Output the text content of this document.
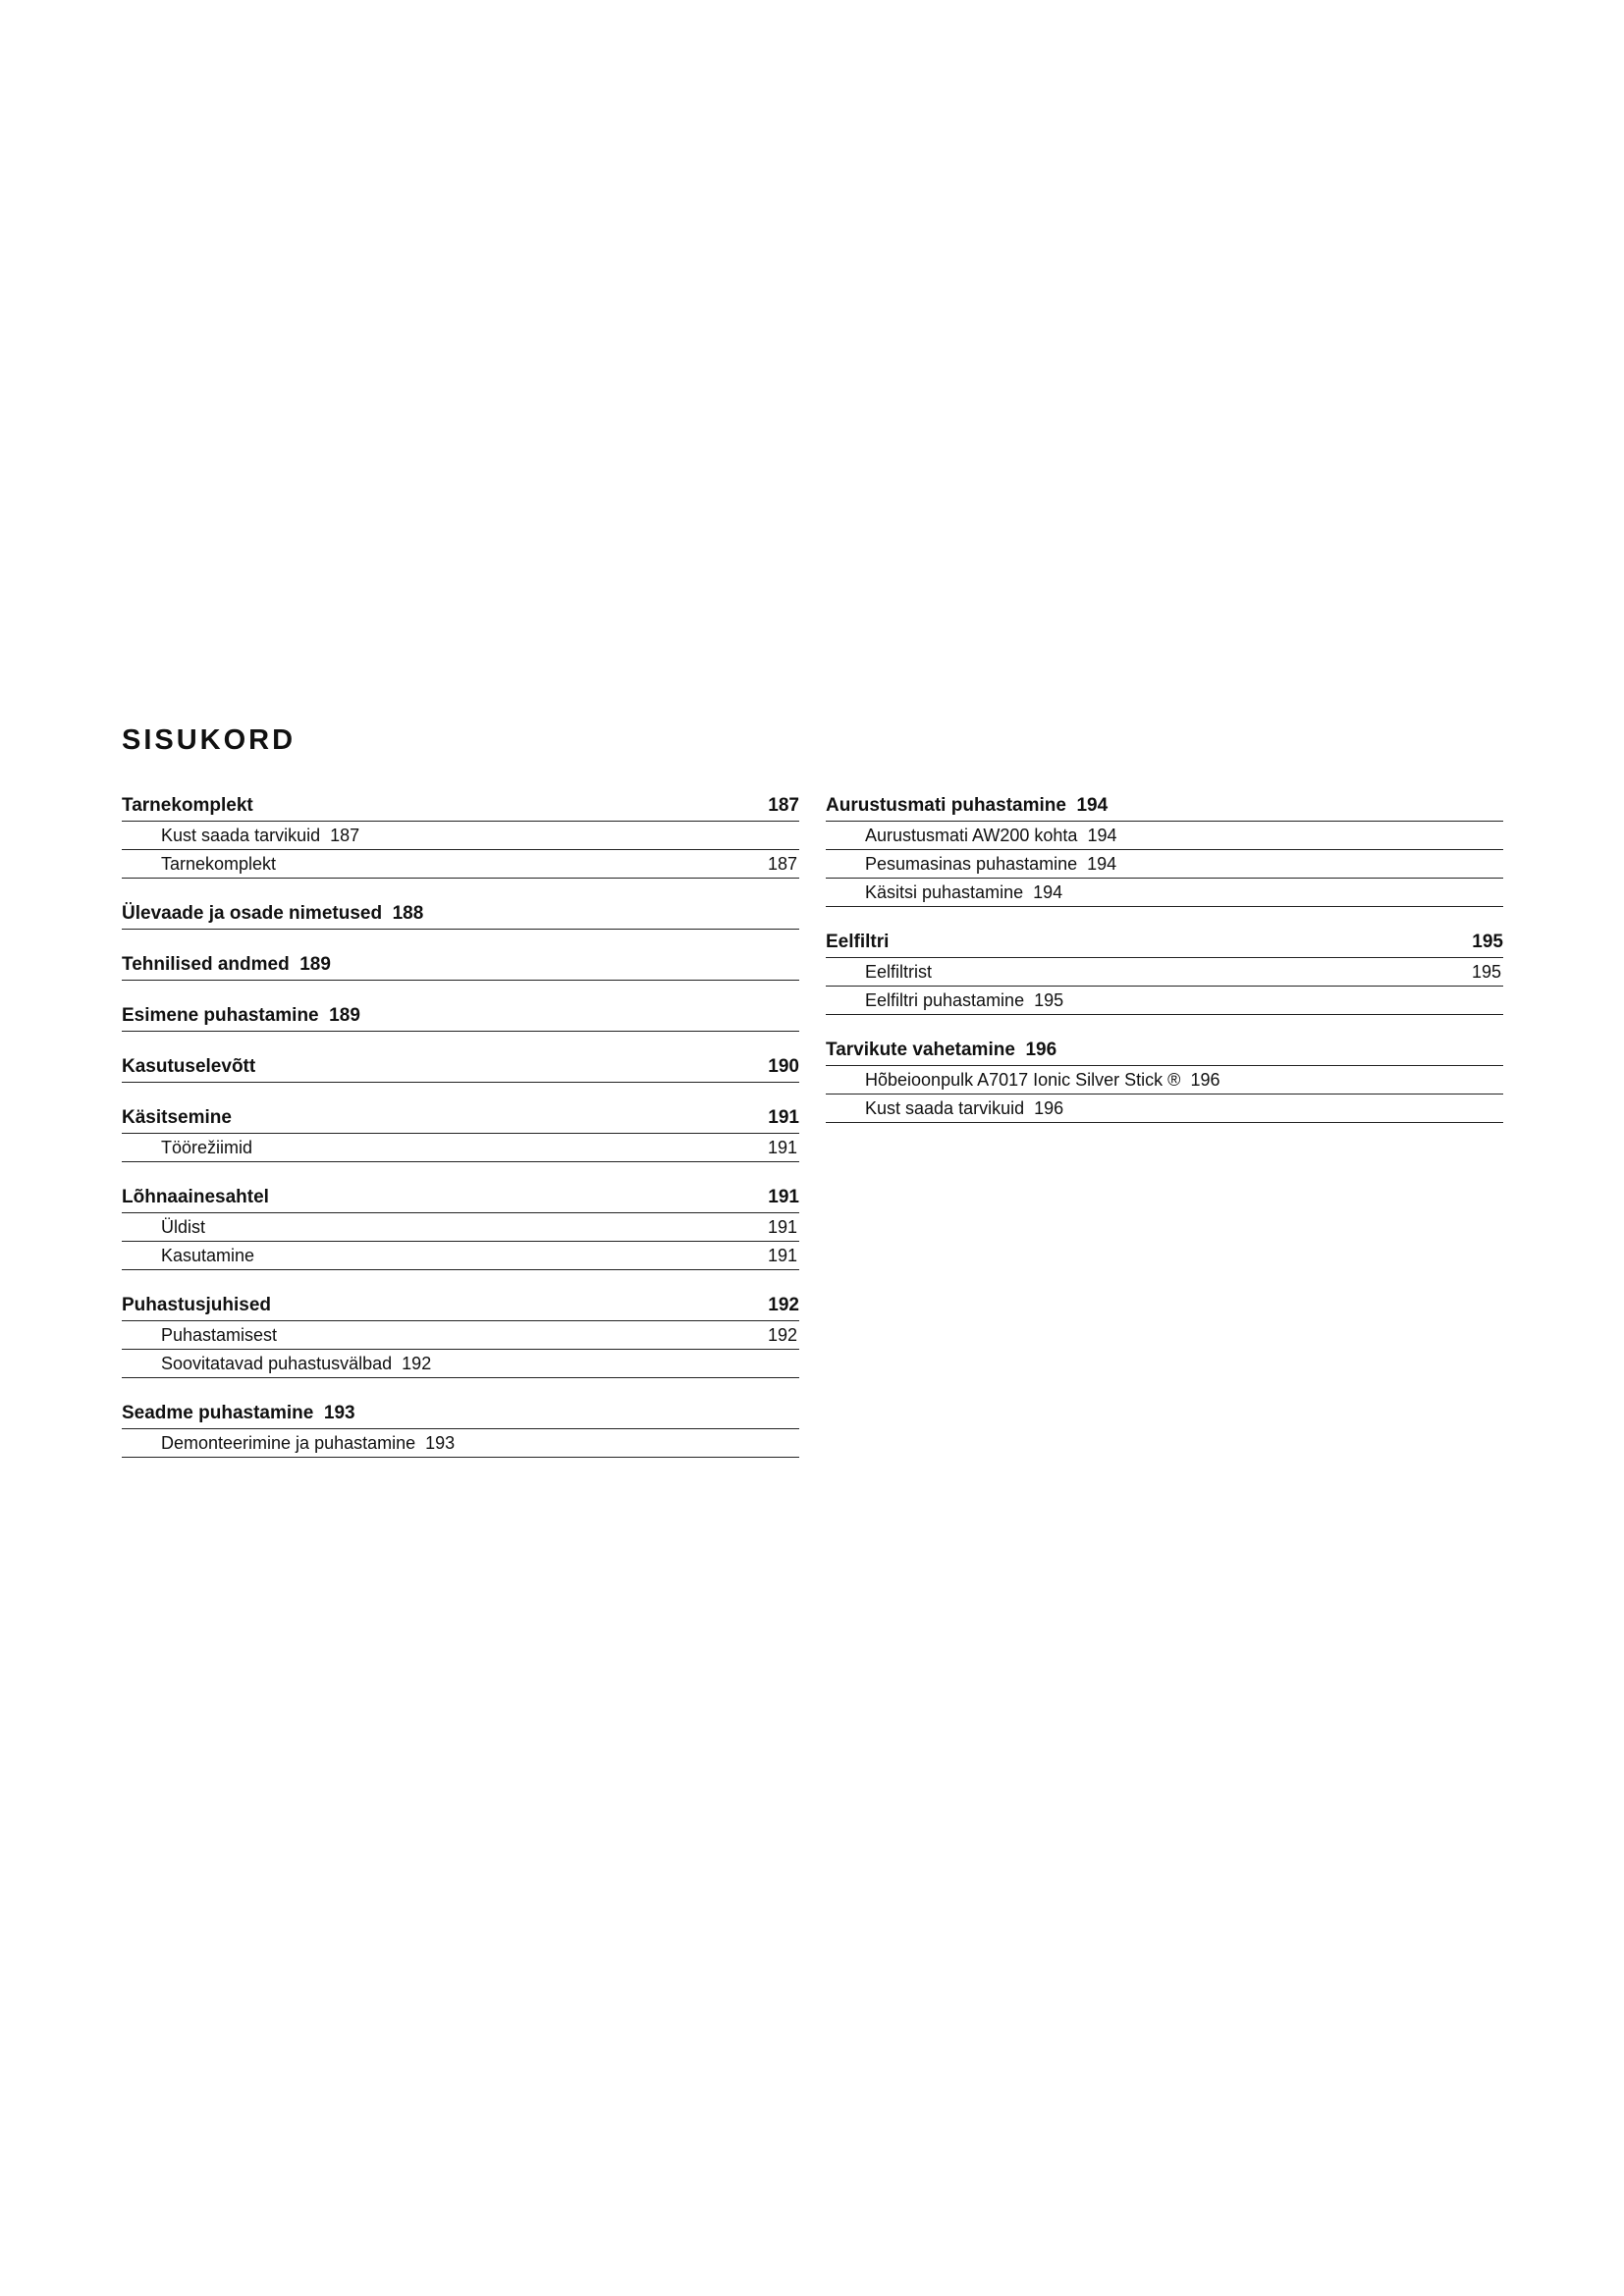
SISUKORD
Tarnekomplekt	187
Kust saada tarvikuid  187
Tarnekomplekt	187
Ülevaade ja osade nimetused  188
Tehnilised andmed  189
Esimene puhastamine  189
Kasutuselevõtt	190
Käsitsemine	191
Töörežiimid	191
Lõhnaainesahtel	191
Üldist	191
Kasutamine	191
Puhastusjuhised	192
Puhastamisest	192
Soovitatavad puhastusvälbad  192
Seadme puhastamine  193
Demonteerimine ja puhastamine  193
Aurustusmati puhastamine  194
Aurustusmati AW200 kohta  194
Pesumasinas puhastamine  194
Käsitsi puhastamine  194
Eelfiltri	195
Eelfiltrist	195
Eelfiltri puhastamine  195
Tarvikute vahetamine  196
Hõbeioonpulk A7017 Ionic Silver Stick ®  196
Kust saada tarvikuid  196
